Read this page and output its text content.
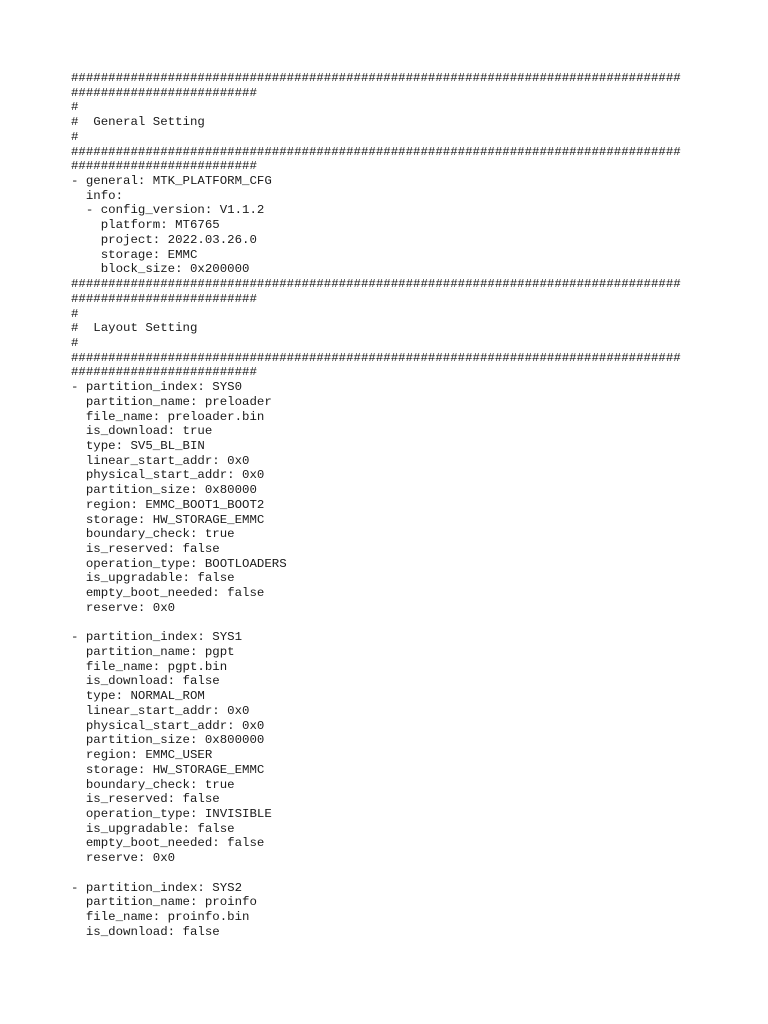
##################################################################################
#########################
#
#  General Setting
#
##################################################################################
#########################
- general: MTK_PLATFORM_CFG
info:
- config_version: V1.1.2
platform: MT6765
project: 2022.03.26.0
storage: EMMC
block_size: 0x200000
##################################################################################
#########################
#
#  Layout Setting
#
##################################################################################
#########################
- partition_index: SYS0
partition_name: preloader
file_name: preloader.bin
is_download: true
type: SV5_BL_BIN
linear_start_addr: 0x0
physical_start_addr: 0x0
partition_size: 0x80000
region: EMMC_BOOT1_BOOT2
storage: HW_STORAGE_EMMC
boundary_check: true
is_reserved: false
operation_type: BOOTLOADERS
is_upgradable: false
empty_boot_needed: false
reserve: 0x0
- partition_index: SYS1
partition_name: pgpt
file_name: pgpt.bin
is_download: false
type: NORMAL_ROM
linear_start_addr: 0x0
physical_start_addr: 0x0
partition_size: 0x800000
region: EMMC_USER
storage: HW_STORAGE_EMMC
boundary_check: true
is_reserved: false
operation_type: INVISIBLE
is_upgradable: false
empty_boot_needed: false
reserve: 0x0
- partition_index: SYS2
partition_name: proinfo
file_name: proinfo.bin
is_download: false
